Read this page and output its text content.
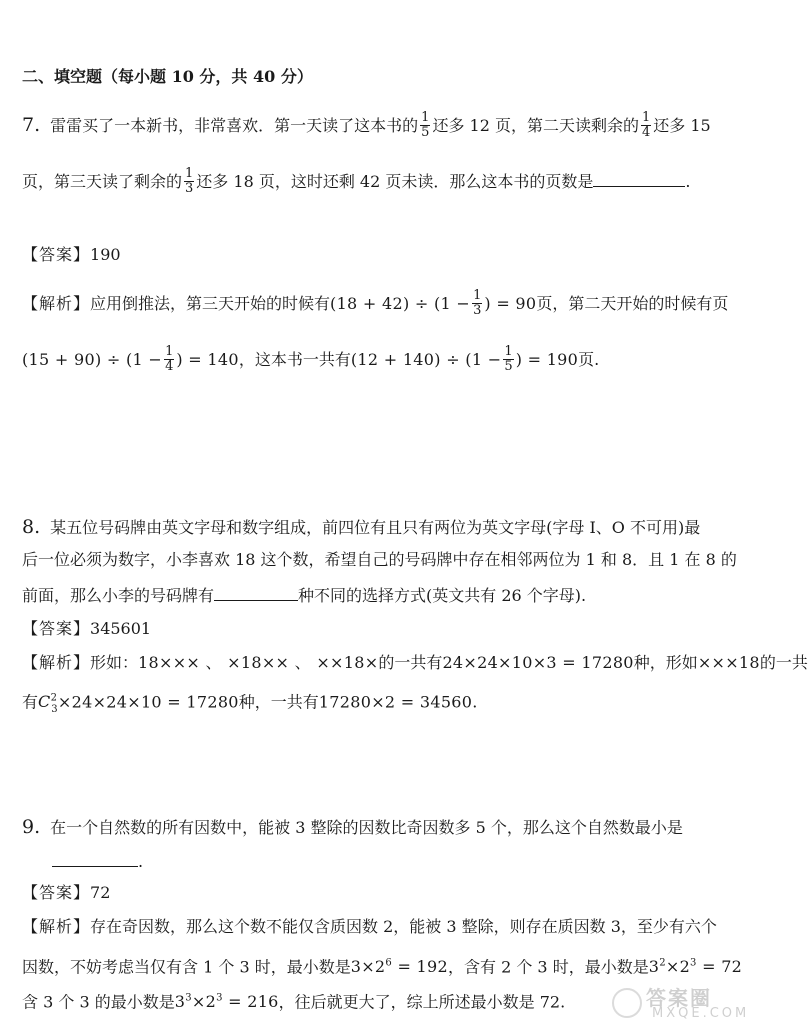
二、填空题（每小题 10 分，共 40 分）
7. 雷雷买了一本新书，非常喜欢．第一天读了这本书的 $\frac{1}{5}$ 还多 12 页，第二天读剩余的 $\frac{1}{4}$ 还多 15
页，第三天读了剩余的 $\frac{1}{3}$ 还多 18 页，这时还剩 42 页未读．那么这本书的页数是	.
【答案】190
【解析】应用倒推法，第三天开始的时候有$(18 + 42) \div (1 - \frac{1}{3}$ ) = 90页，第二天开始的时候有页
$(15 + 90) \div (1 - \frac{1}{4}$ ) = 140，这本书一共有$(12 + 140) \div (1 - \frac{1}{5}$ ) = 190页.
8. 某五位号码牌由英文字母和数字组成，前四位有且只有两位为英文字母(字母 I、O 不可用)最
后一位必须为数字，小李喜欢 18 这个数，希望自己的号码牌中存在相邻两位为 1 和 8．且 1 在 8 的
前面，那么小李的号码牌有	种不同的选择方式(英文共有 26 个字母).
【答案】345601
【解析】形如：18××× 、 ×18×× 、 ××18×的一共有24×24×10×3 = 17280种，形如×××18的一共
有$C^2_3\times 24\times 24\times 10 = 17280$种，一共有17280×2 = 34560.
9. 在一个自然数的所有因数中，能被 3 整除的因数比奇因数多 5 个，那么这个自然数最小是
.
【答案】72
【解析】存在奇因数，那么这个数不能仅含质因数 2，能被 3 整除，则存在质因数 3，至少有六个
因数，不妨考虑当仅有含 1 个 3 时，最小数是$3\times 2^6 = 192$，含有 2 个 3 时，最小数是$3^2\times 2^3 = 72$
含 3 个 3 的最小数是$3^3\times 2^3 = 216$，往后就更大了，综上所述最小数是 72.	答案圈
MXQE.COM
